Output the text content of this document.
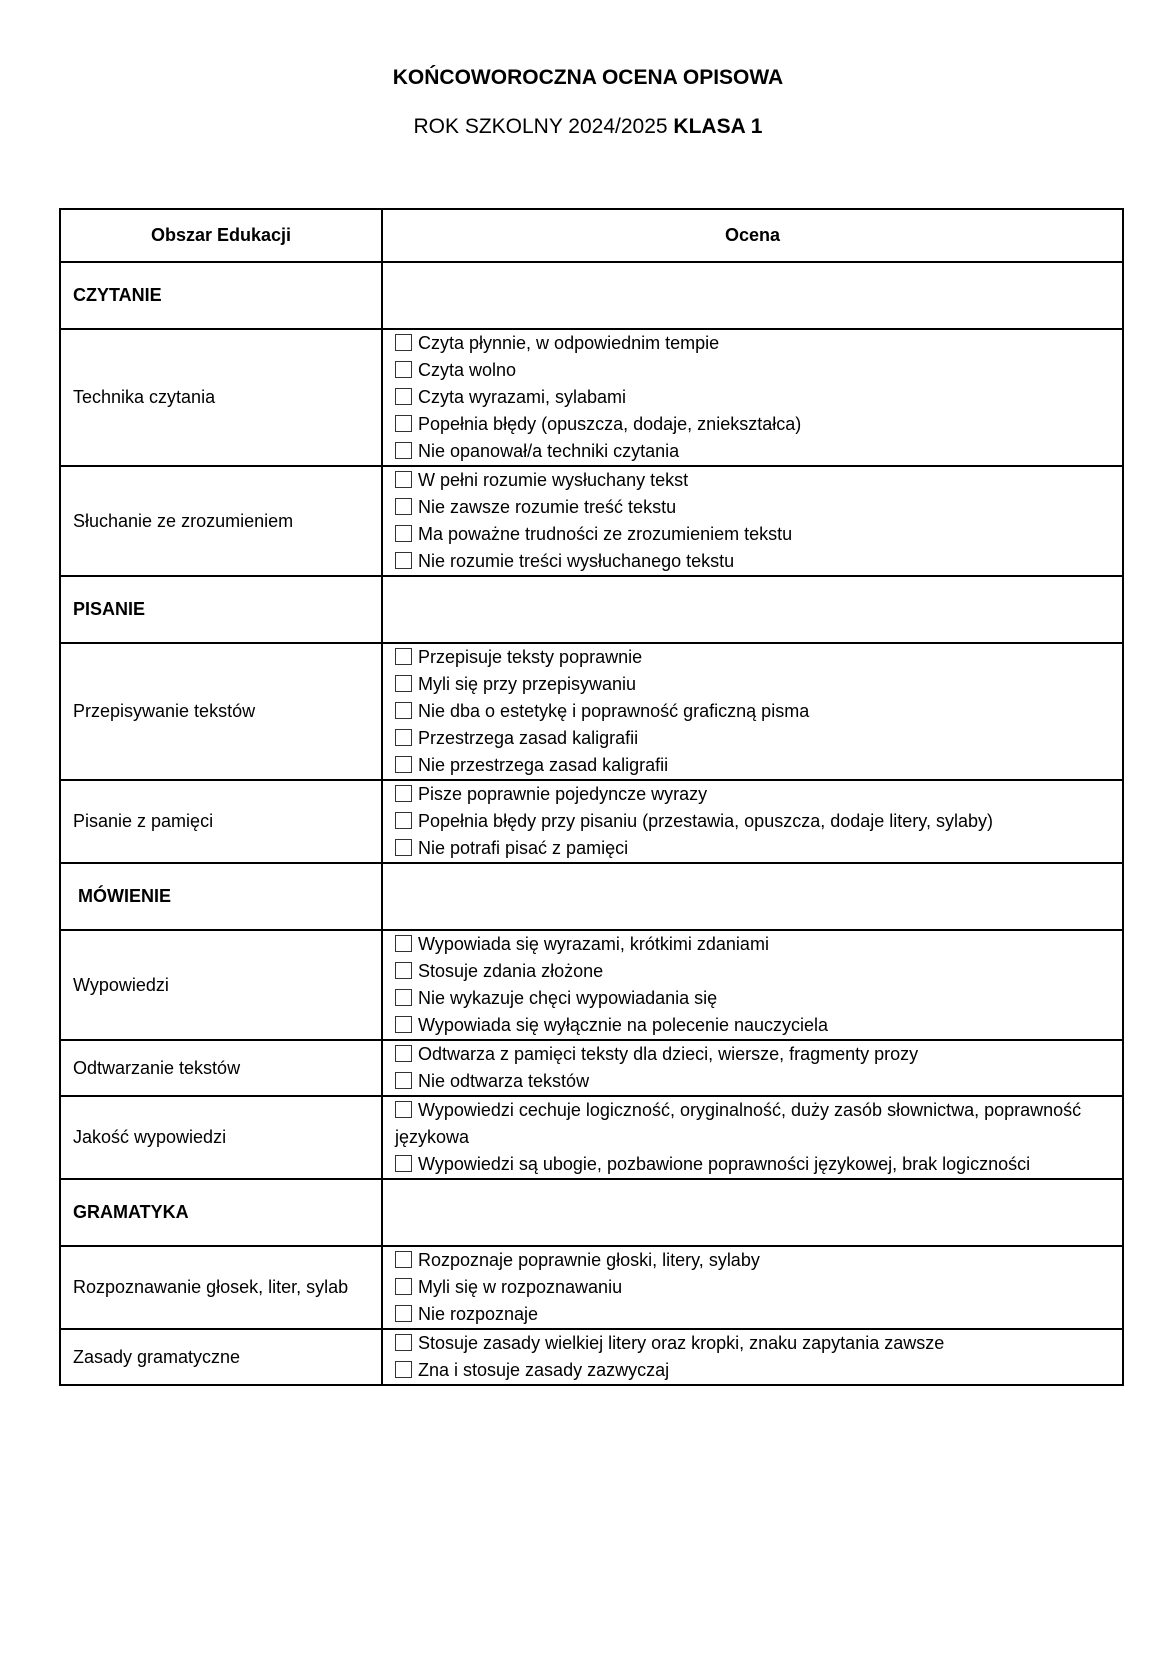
KOŃCOWOROCZNA OCENA OPISOWA
ROK SZKOLNY 2024/2025 KLASA 1
Obszar Edukacji	Ocena
CZYTANIE	
Technika czytania	Czyta płynnie, w odpowiednim tempie
Czyta wolno
Czyta wyrazami, sylabami
Popełnia błędy (opuszcza, dodaje, zniekształca)
Nie opanował/a techniki czytania

Słuchanie ze zrozumieniem	W pełni rozumie wysłuchany tekst
Nie zawsze rozumie treść tekstu
Ma poważne trudności ze zrozumieniem tekstu
Nie rozumie treści wysłuchanego tekstu

PISANIE	
Przepisywanie tekstów	Przepisuje teksty poprawnie
Myli się przy przepisywaniu
Nie dba o estetykę i poprawność graficzną pisma
Przestrzega zasad kaligrafii
Nie przestrzega zasad kaligrafii

Pisanie z pamięci	Pisze poprawnie pojedyncze wyrazy
Popełnia błędy przy pisaniu (przestawia, opuszcza, dodaje litery, sylaby)
Nie potrafi pisać z pamięci

MÓWIENIE	
Wypowiedzi	Wypowiada się wyrazami, krótkimi zdaniami
Stosuje zdania złożone
Nie wykazuje chęci wypowiadania się
Wypowiada się wyłącznie na polecenie nauczyciela

Odtwarzanie tekstów	Odtwarza z pamięci teksty dla dzieci, wiersze, fragmenty prozy
Nie odtwarza tekstów

Jakość wypowiedzi	Wypowiedzi cechuje logiczność, oryginalność, duży zasób słownictwa, poprawność językowa
Wypowiedzi są ubogie, pozbawione poprawności językowej, brak logiczności

GRAMATYKA	
Rozpoznawanie głosek, liter, sylab	Rozpoznaje poprawnie głoski, litery, sylaby
Myli się w rozpoznawaniu
Nie rozpoznaje

Zasady gramatyczne	Stosuje zasady wielkiej litery oraz kropki, znaku zapytania zawsze
Zna i stosuje zasady zazwyczaj
